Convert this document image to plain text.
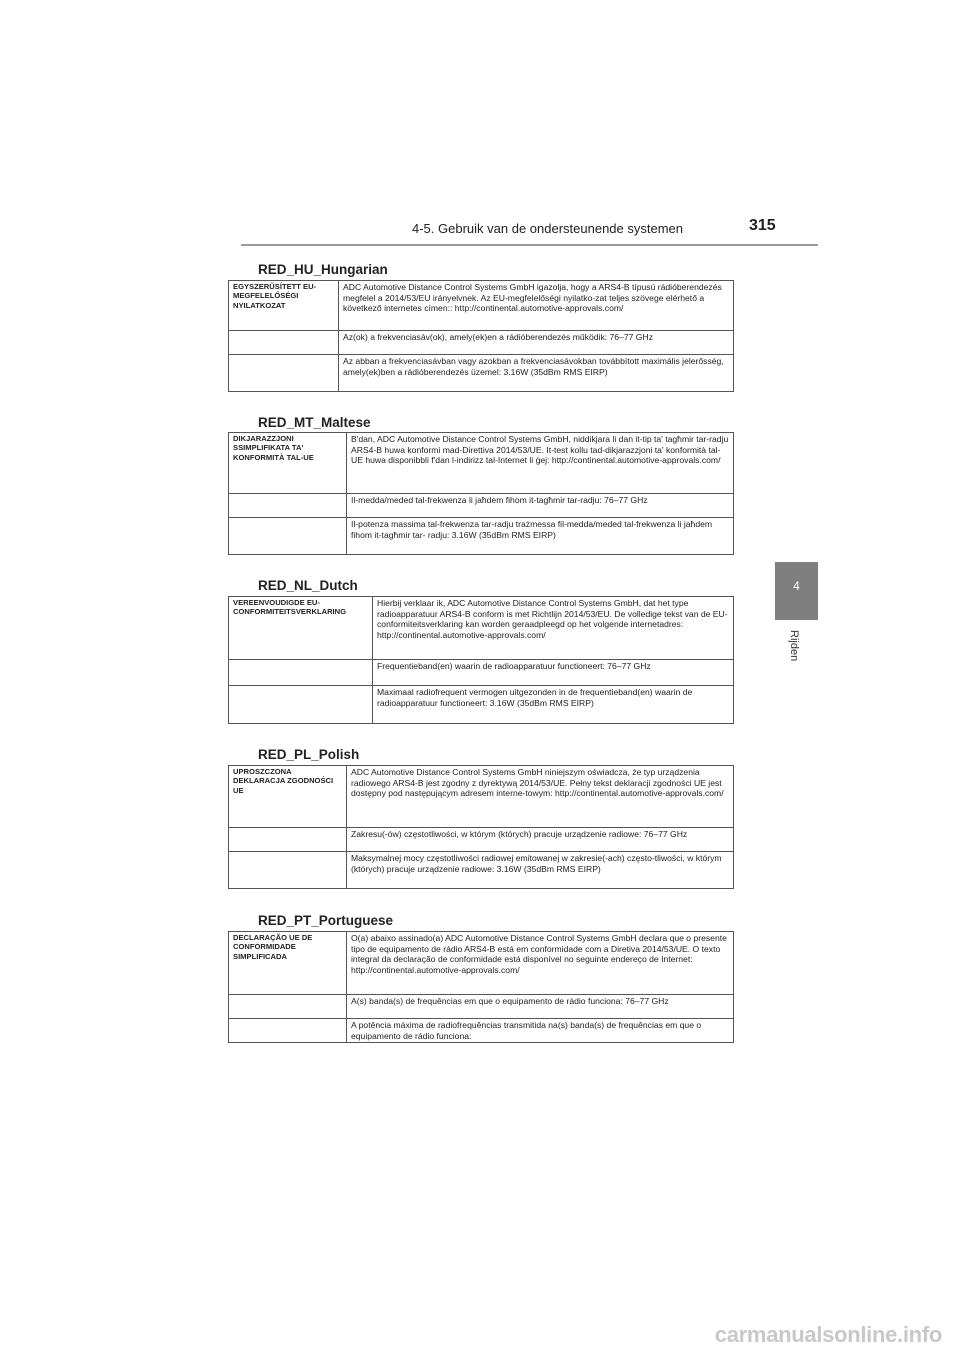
4-5. Gebruik van de ondersteunende systemen	315
4
Rijden
RED_HU_Hungarian
EGYSZERŰSÍTETT EU-MEGFELELŐSÉGI NYILATKOZAT	ADC Automotive Distance Control Systems GmbH igazolja, hogy a ARS4-B típusú rádióberendezés megfelel a 2014/53/EU irányelvnek. Az EU-megfelelőségi nyilatko-zat teljes szövege elérhető a következő internetes címen:: http://continental.automotive-approvals.com/
	Az(ok) a frekvenciasáv(ok), amely(ek)en a rádióberendezés működik: 76–77 GHz
	Az abban a frekvenciasávban vagy azokban a frekvenciasávokban továbbított maximális jelerősség, amely(ek)ben a rádióberendezés üzemel: 3.16W (35dBm RMS EIRP)
RED_MT_Maltese
DIKJARAZZJONI SSIMPLIFIKATA TA' KONFORMITÀ TAL-UE	B'dan, ADC Automotive Distance Control Systems GmbH, niddikjara li dan it-tip ta' tagħmir tar-radju ARS4-B huwa konformi mad-Direttiva 2014/53/UE. It-test kollu tad-dikjarazzjoni ta' konformità tal-UE huwa disponibbli f'dan l-indirizz tal-Internet li ġej: http://continental.automotive-approvals.com/
	Il-medda/meded tal-frekwenza li jaħdem fihom it-tagħmir tar-radju: 76–77 GHz
	Il-potenza massima tal-frekwenza tar-radju trażmessa fil-medda/meded tal-frekwenza li jaħdem fihom it-tagħmir tar- radju: 3.16W (35dBm RMS EIRP)
RED_NL_Dutch
VEREENVOUDIGDE EU-CONFORMITEITSVERKLARING	Hierbij verklaar ik, ADC Automotive Distance Control Systems GmbH, dat het type radioapparatuur ARS4-B conform is met Richtlijn 2014/53/EU. De volledige tekst van de EU-conformiteitsverklaring kan worden geraadpleegd op het volgende internetadres: http://continental.automotive-approvals.com/
	Frequentieband(en) waarin de radioapparatuur functioneert: 76–77 GHz
	Maximaal radiofrequent vermogen uitgezonden in de frequentieband(en) waarin de radioapparatuur functioneert: 3.16W (35dBm RMS EIRP)
RED_PL_Polish
UPROSZCZONA DEKLARACJA ZGODNOŚCI UE	ADC Automotive Distance Control Systems GmbH niniejszym oświadcza, że typ urządzenia radiowego ARS4-B jest zgodny z dyrektywą 2014/53/UE. Pełny tekst deklaracji zgodności UE jest dostępny pod następującym adresem interne-towym: http://continental.automotive-approvals.com/
	Zakresu(-ów) częstotliwości, w którym (których) pracuje urządzenie radiowe: 76–77 GHz
	Maksymalnej mocy częstotliwości radiowej emitowanej w zakresie(-ach) często-tliwości, w którym (których) pracuje urządzenie radiowe: 3.16W (35dBm RMS EIRP)
RED_PT_Portuguese
DECLARAÇÃO UE DE CONFORMIDADE SIMPLIFICADA	O(a) abaixo assinado(a) ADC Automotive Distance Control Systems GmbH declara que o presente tipo de equipamento de rádio ARS4-B está em conformidade com a Diretiva 2014/53/UE. O texto integral da declaração de conformidade está disponível no seguinte endereço de Internet: http://continental.automotive-approvals.com/
	A(s) banda(s) de frequências em que o equipamento de rádio funciona: 76–77 GHz
	A potência máxima de radiofrequências transmitida na(s) banda(s) de frequências em que o equipamento de rádio funciona:
carmanualsonline.info
